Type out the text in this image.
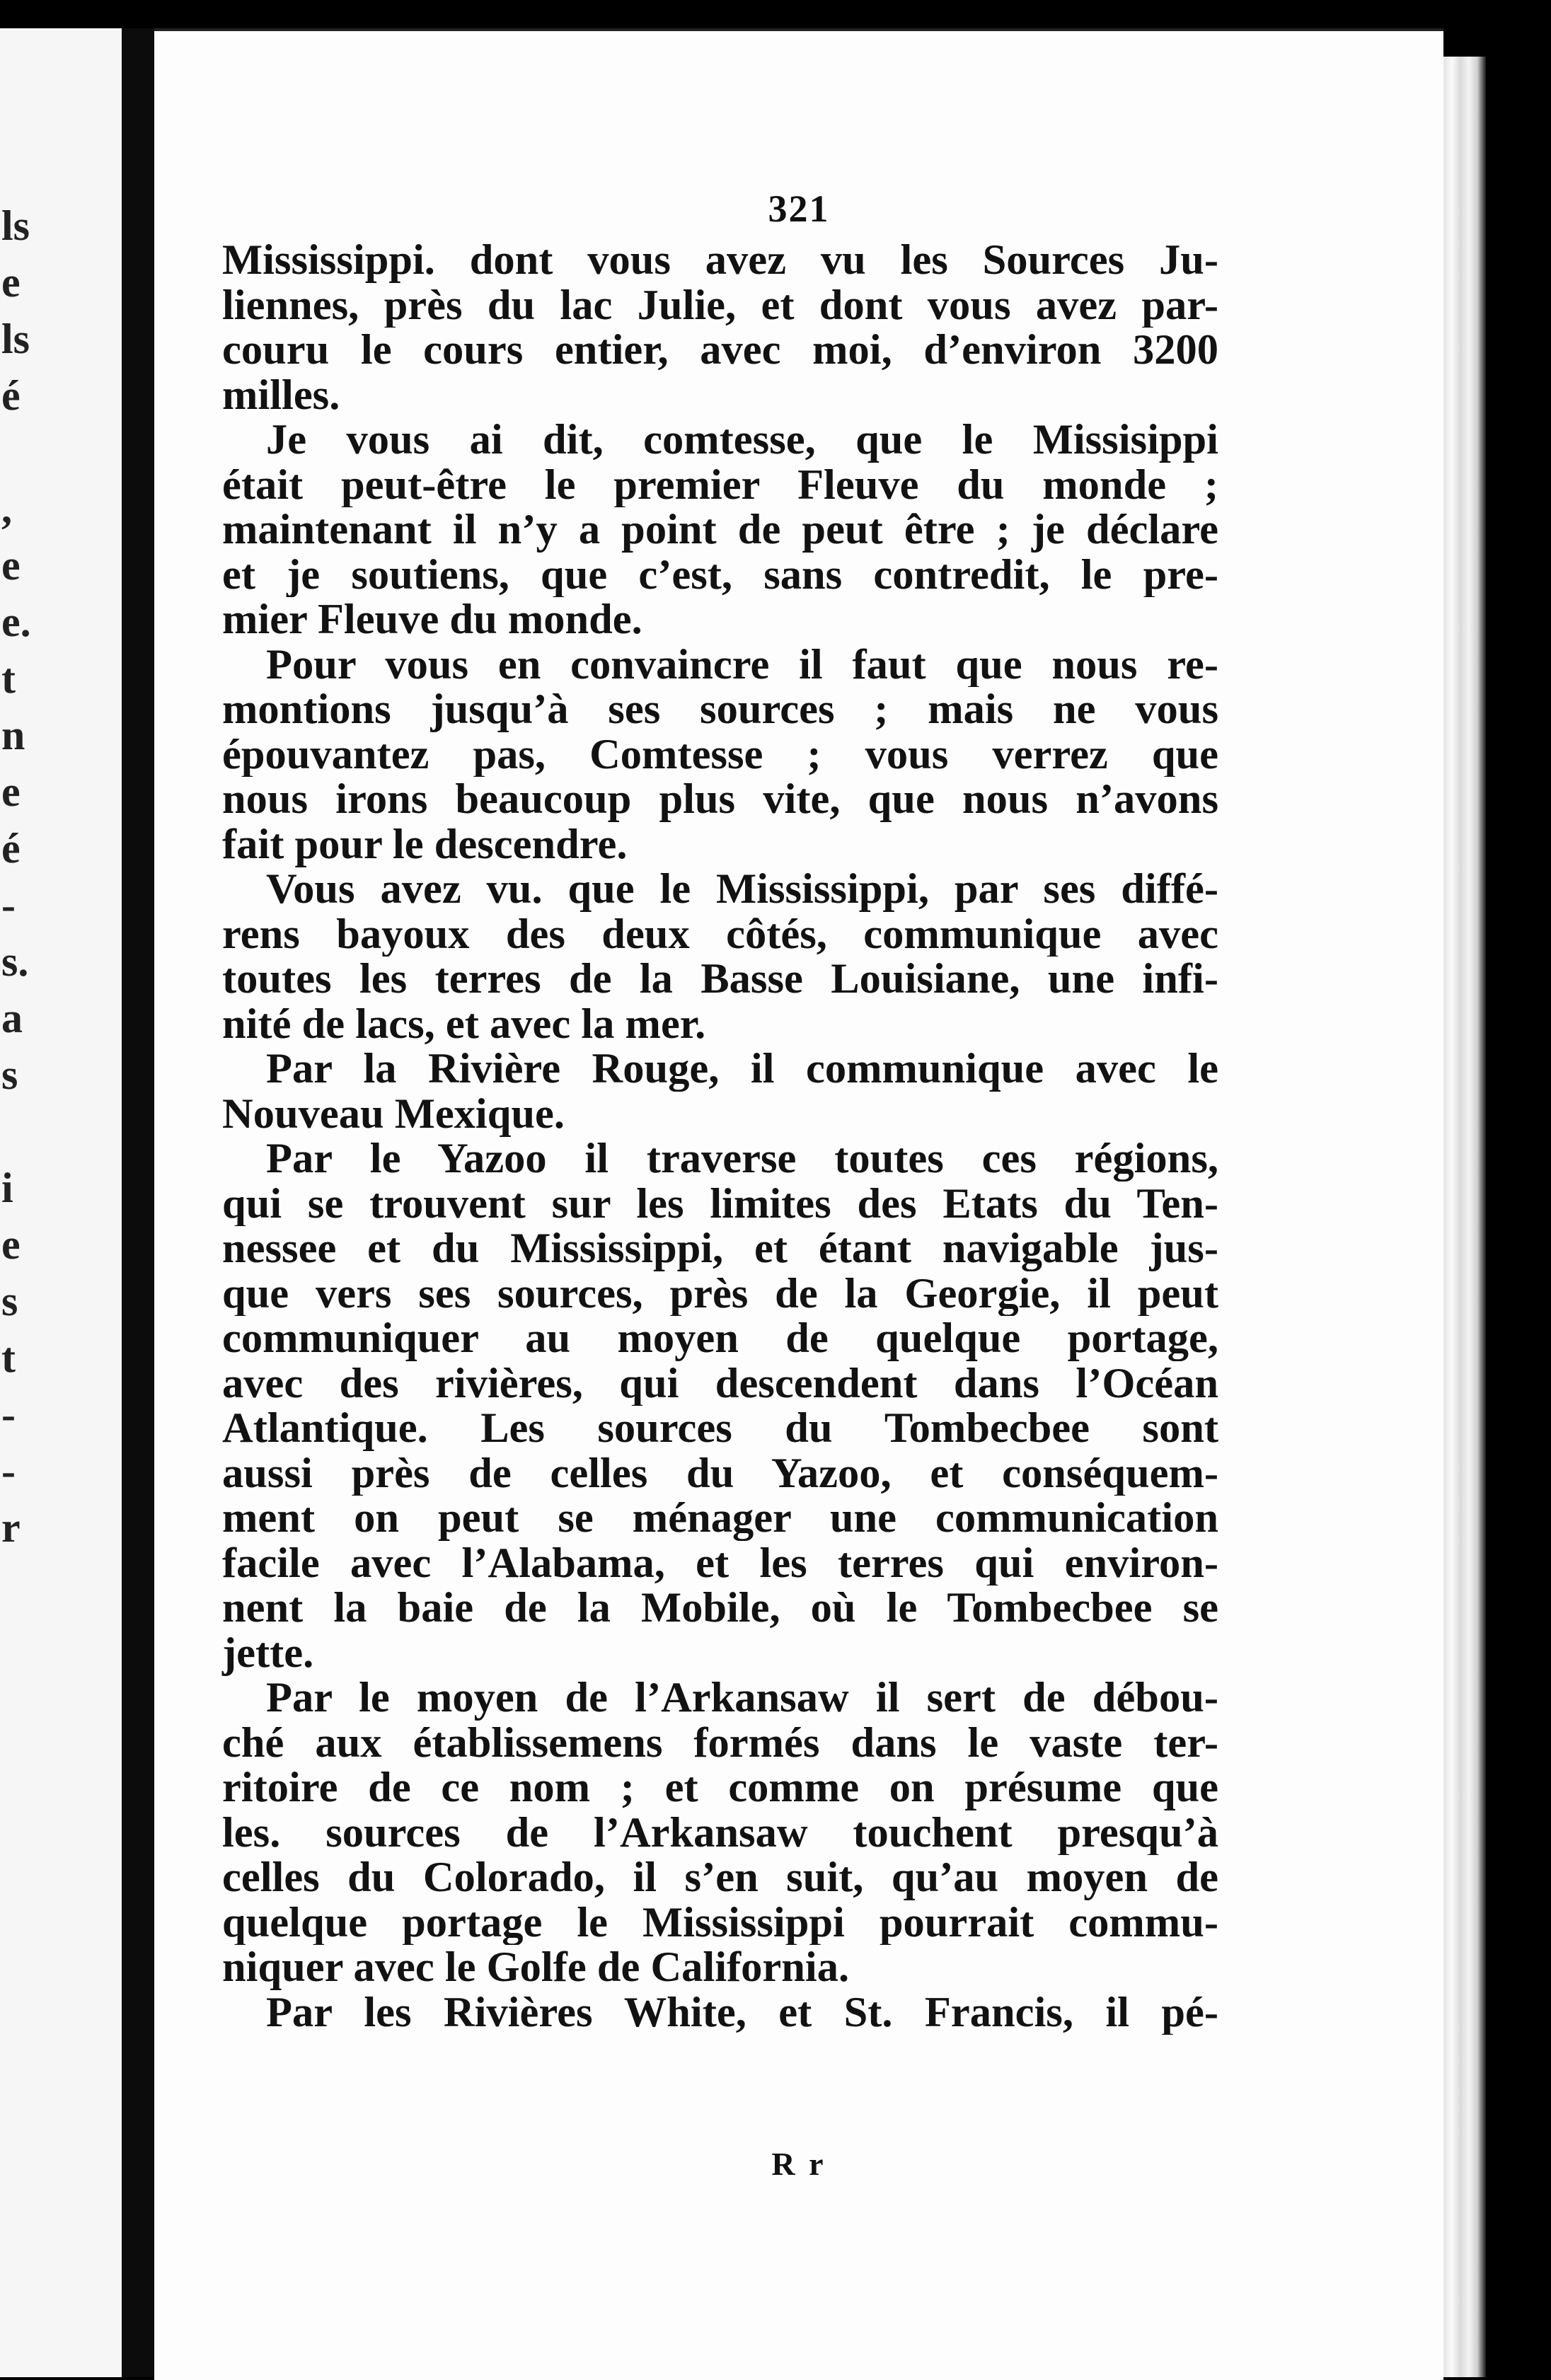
ls
e
ls
é
,
e
e.
t
n
e
é
-
s.
a
s
i
e
s
t
-
-
r
321
Mississippi. dont vous avez vu les Sources Ju-
liennes, près du lac Julie, et dont vous avez par-
couru le cours entier, avec moi, d’environ 3200
milles.
Je vous ai dit, comtesse, que le Missisippi
était peut-être le premier Fleuve du monde ;
maintenant il n’y a point de peut être ; je déclare
et je soutiens, que c’est, sans contredit, le pre-
mier Fleuve du monde.
Pour vous en convaincre il faut que nous re-
montions jusqu’à ses sources ; mais ne vous
épouvantez pas, Comtesse ; vous verrez que
nous irons beaucoup plus vite, que nous n’avons
fait pour le descendre.
Vous avez vu. que le Mississippi, par ses diffé-
rens bayoux des deux côtés, communique avec
toutes les terres de la Basse Louisiane, une infi-
nité de lacs, et avec la mer.
Par la Rivière Rouge, il communique avec le
Nouveau Mexique.
Par le Yazoo il traverse toutes ces régions,
qui se trouvent sur les limites des Etats du Ten-
nessee et du Mississippi, et étant navigable jus-
que vers ses sources, près de la Georgie, il peut
communiquer au moyen de quelque portage,
avec des rivières, qui descendent dans l’Océan
Atlantique. Les sources du Tombecbee sont
aussi près de celles du Yazoo, et conséquem-
ment on peut se ménager une communication
facile avec l’Alabama, et les terres qui environ-
nent la baie de la Mobile, où le Tombecbee se
jette.
Par le moyen de l’Arkansaw il sert de débou-
ché aux établissemens formés dans le vaste ter-
ritoire de ce nom ; et comme on présume que
les. sources de l’Arkansaw touchent presqu’à
celles du Colorado, il s’en suit, qu’au moyen de
quelque portage le Mississippi pourrait commu-
niquer avec le Golfe de California.
Par les Rivières White, et St. Francis, il pé-
R r
